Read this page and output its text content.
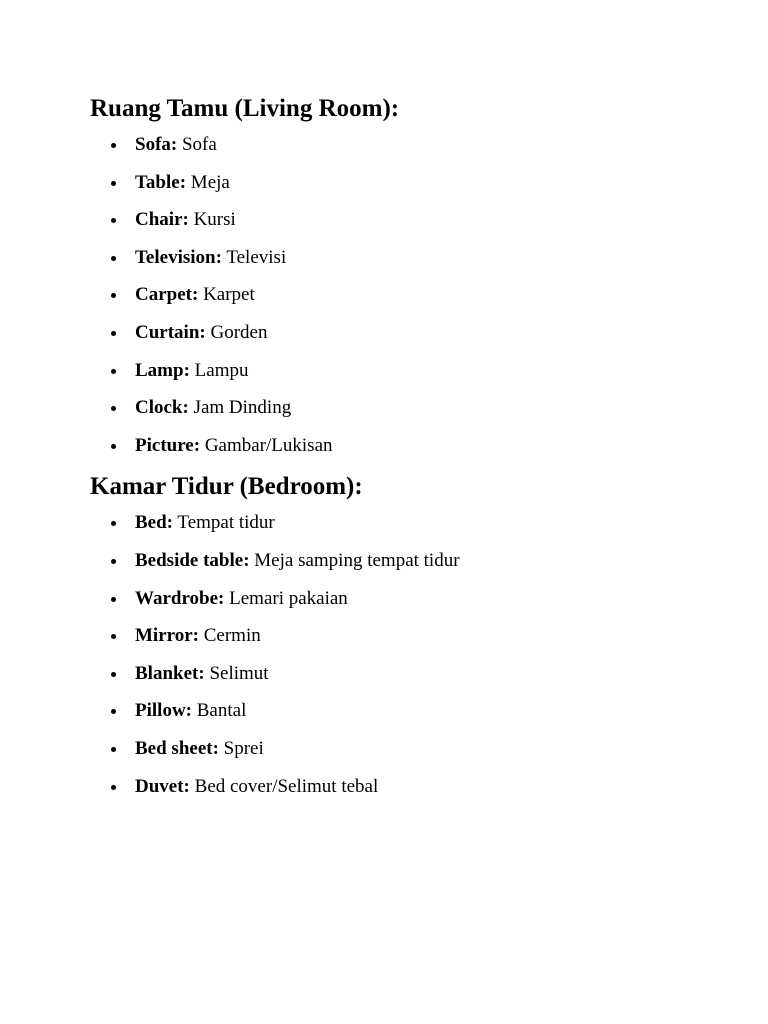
Ruang Tamu (Living Room):
Sofa: Sofa
Table: Meja
Chair: Kursi
Television: Televisi
Carpet: Karpet
Curtain: Gorden
Lamp: Lampu
Clock: Jam Dinding
Picture: Gambar/Lukisan
Kamar Tidur (Bedroom):
Bed: Tempat tidur
Bedside table: Meja samping tempat tidur
Wardrobe: Lemari pakaian
Mirror: Cermin
Blanket: Selimut
Pillow: Bantal
Bed sheet: Sprei
Duvet: Bed cover/Selimut tebal
